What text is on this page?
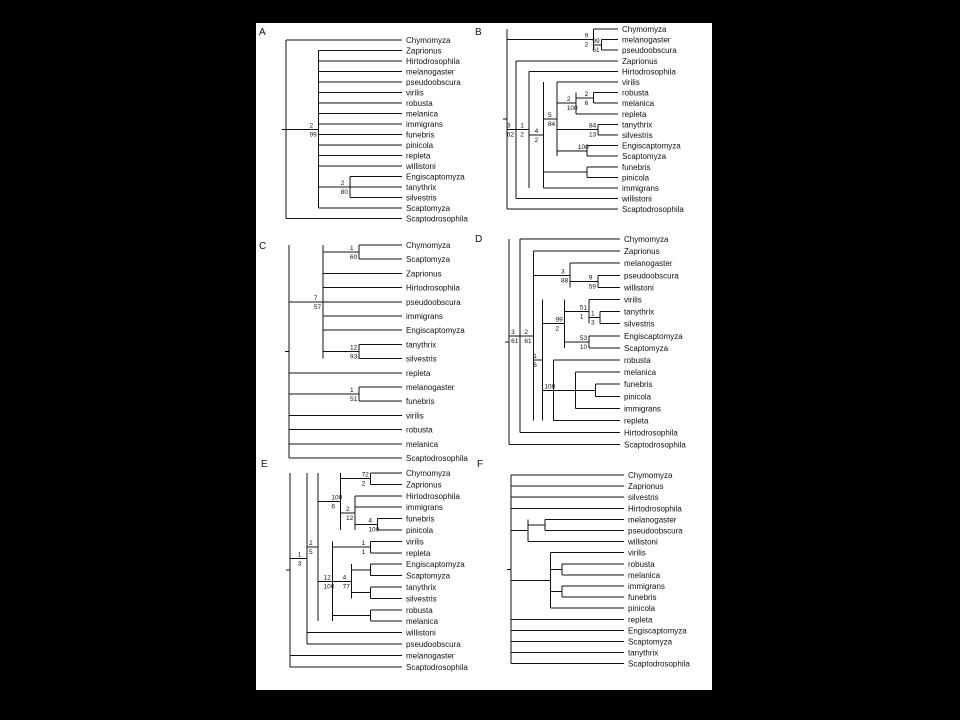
A
Chymomyza
Zaprionus
Hirtodrosophila
melanogaster
pseudoobscura
virilis
robusta
melanica
immigrans
funebris
pinicola
repleta
willistoni
Engiscaptomyza
tanythrix
silvestris
Scaptomyza
Scaptodrosophila
2
99
2
80
B	Chymomyza
melanogaster
pseudoobscura
Zaprionus
Hirtodrosophila
virilis
robusta
melanica
repleta
tanythrix
silvestris
Engiscaptomyza
Scaptomyza
funebris
pinicola
immigrans
willistoni
Scaptodrosophila
9
2
99
61
3
62
1
2
4
2
5
84
2
100
2
6
84
13
100
C	Chymomyza
Scaptomyza
Zaprionus
Hirtodrosophila
pseudoobscura
immigrans
Engiscaptomyza
tanythrix
silvestris
repleta
melanogaster
funebris
virilis
robusta
melanica
Scaptodrosophila
7
57
1
60
12
93
1
51
D	Chymomyza
Zaprionus
melanogaster
pseudoobscura
willistoni
virilis
tanythrix
silvestris
Engiscaptomyza
Scaptomyza
robusta
melanica
funebris
pinicola
immigrans
repleta
Hirtodrosophila
Scaptodrosophila
3
61
2
61
3
88	9
59
1
6
99
2
51
1 1
3
53
10
100
E
Chymomyza
Zaprionus
Hirtodrosophila
immigrans
funebris
pinicola
virilis
repleta
Engiscaptomyza
Scaptomyza
tanythrix
silvestris
robusta
melanica
willistoni
pseudoobscura
melanogaster
Scaptodrosophila
1
3
2
5
100
6
72
2
2
12 4
100
12
100
1
1
4
77
F
Chymomyza
Zaprionus
silvestris
Hirtodrosophila
melanogaster
pseudoobscura
willistoni
virilis
robusta
melanica
immigrans
funebris
pinicola
repleta
Engiscaptomyza
Scaptomyza
tanythrix
Scaptodrosophila
